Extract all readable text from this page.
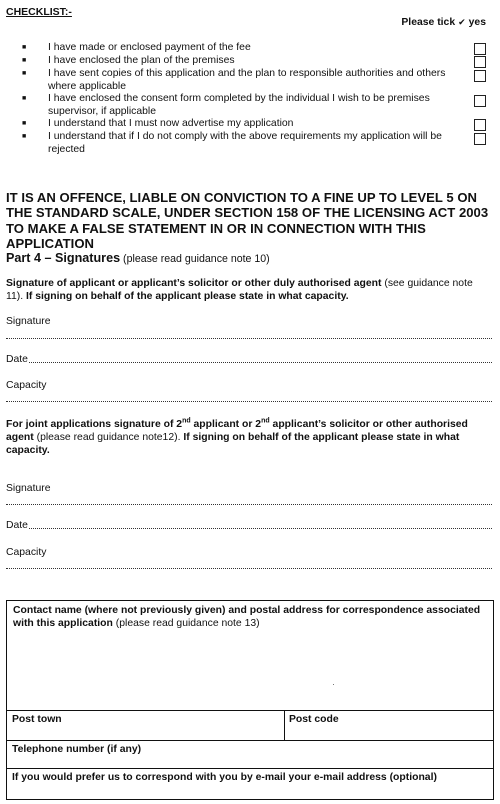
CHECKLIST:-
Please tick ✔ yes
■	I have made or enclosed payment of the fee
■	I have enclosed the plan of the premises
■	I have sent copies of this application and the plan to responsible authorities and others where applicable
■	I have enclosed the consent form completed by the individual I wish to be premises supervisor, if applicable
■	I understand that I must now advertise my application
■	I understand that if I do not comply with the above requirements my application will be rejected
IT IS AN OFFENCE, LIABLE ON CONVICTION TO A FINE UP TO LEVEL 5 ON THE STANDARD SCALE, UNDER SECTION 158 OF THE LICENSING ACT 2003 TO MAKE A FALSE STATEMENT IN OR IN CONNECTION WITH THIS APPLICATION
Part 4 – Signatures (please read guidance note 10)
Signature of applicant or applicant’s solicitor or other duly authorised agent (see guidance note 11). If signing on behalf of the applicant please state in what capacity.
Signature
Date
Capacity
For joint applications signature of 2nd applicant or 2nd applicant’s solicitor or other authorised agent (please read guidance note12). If signing on behalf of the applicant please state in what capacity.
Signature
Date
Capacity
Contact name (where not previously given) and postal address for correspondence associated with this application (please read guidance note 13)
Post town	Post code
Telephone number (if any)
If you would prefer us to correspond with you by e-mail your e-mail address (optional)
